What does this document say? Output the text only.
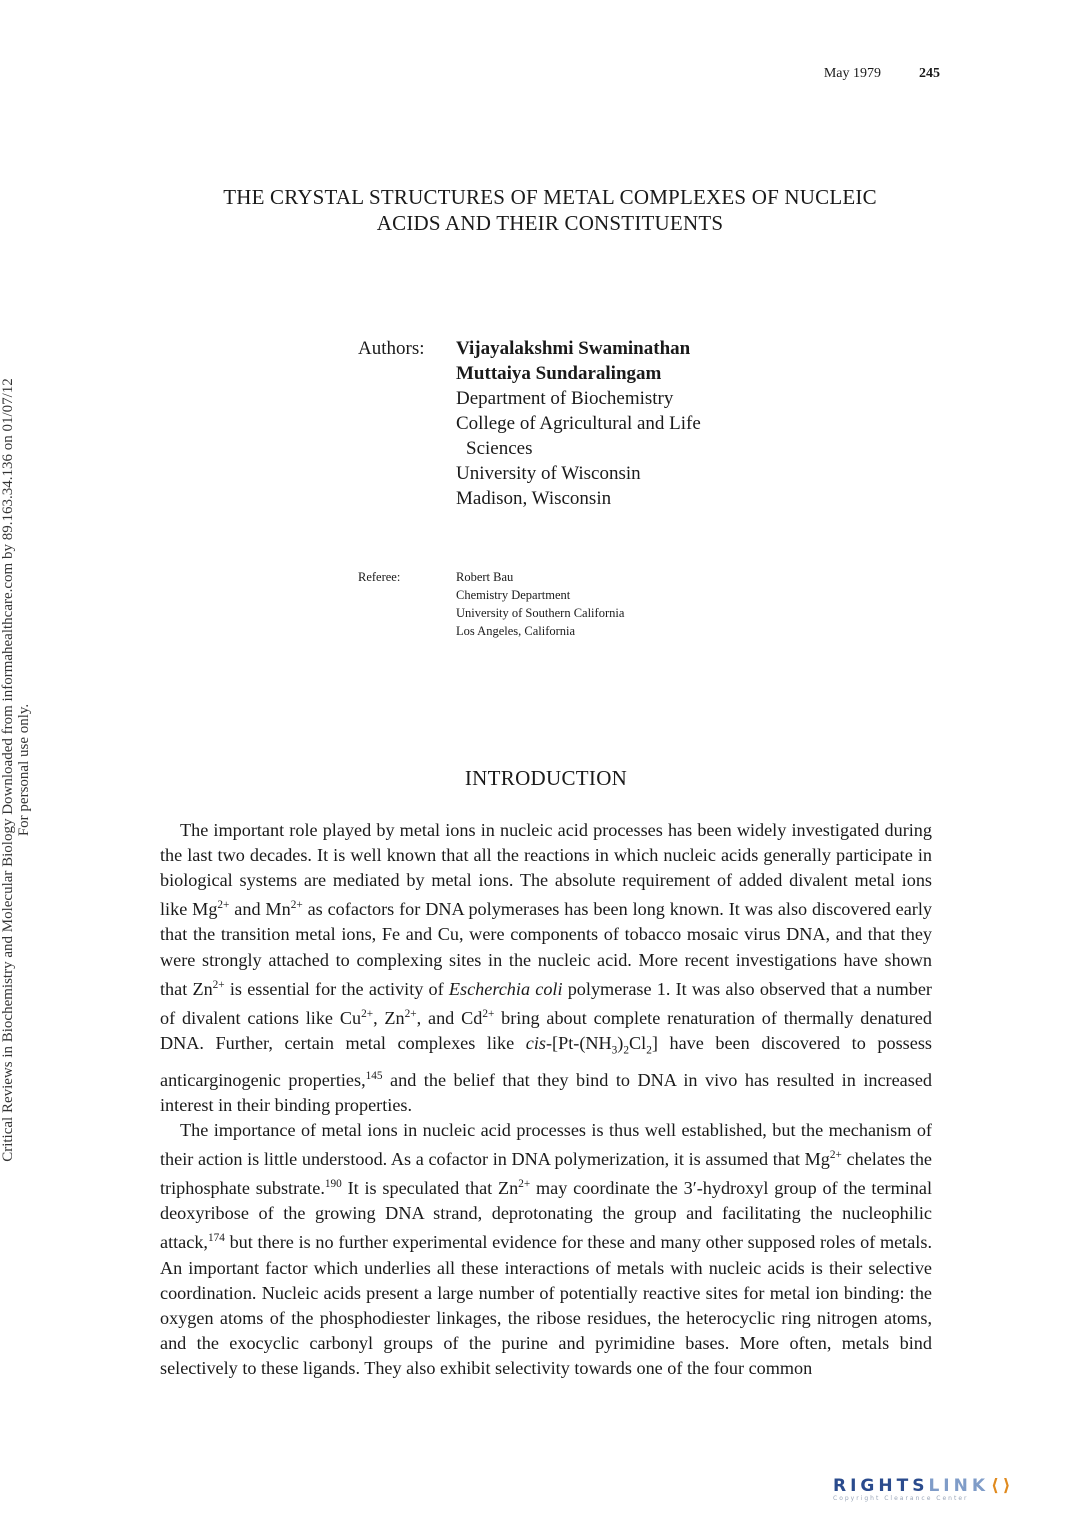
May 1979	245
Critical Reviews in Biochemistry and Molecular Biology Downloaded from informahealthcare.com by 89.163.34.136 on 01/07/12 For personal use only.
THE CRYSTAL STRUCTURES OF METAL COMPLEXES OF NUCLEIC
ACIDS AND THEIR CONSTITUENTS
Authors:	Vijayalakshmi Swaminathan
Muttaiya Sundaralingam
Department of Biochemistry
College of Agricultural and Life
Sciences
University of Wisconsin
Madison, Wisconsin
Referee:	Robert Bau
Chemistry Department
University of Southern California
Los Angeles, California
INTRODUCTION

The important role played by metal ions in nucleic acid processes has been widely investigated during the last two decades. It is well known that all the reactions in which nucleic acids generally participate in biological systems are mediated by metal ions. The absolute requirement of added divalent metal ions like $Mg^{2+}$ and $Mn^{2+}$ as cofactors for DNA polymerases has been long known. It was also discovered early that the transition metal ions, Fe and Cu, were components of tobacco mosaic virus DNA, and that they were strongly attached to complexing sites in the nucleic acid. More recent investigations have shown that $Zn^{2+}$ is essential for the activity of Escherchia coli polymerase 1. It was also observed that a number of divalent cations like $Cu^{2+}$, $Zn^{2+}$, and $Cd^{2+}$ bring about complete renaturation of thermally denatured DNA. Further, certain metal complexes like cis-$[Pt-(NH_3)_2Cl_2]$ have been discovered to possess anticarginogenic properties,$^{145}$ and the belief that they bind to DNA in vivo has resulted in increased interest in their binding properties.

The importance of metal ions in nucleic acid processes is thus well established, but the mechanism of their action is little understood. As a cofactor in DNA polymerization, it is assumed that $Mg^{2+}$ chelates the triphosphate substrate.$^{190}$ It is speculated that $Zn^{2+}$ may coordinate the 3′-hydroxyl group of the terminal deoxyribose of the growing DNA strand, deprotonating the group and facilitating the nucleophilic attack,$^{174}$ but there is no further experimental evidence for these and many other supposed roles of metals. An important factor which underlies all these interactions of metals with nucleic acids is their selective coordination. Nucleic acids present a large number of potentially reactive sites for metal ion binding: the oxygen atoms of the phosphodiester linkages, the ribose residues, the heterocyclic ring nitrogen atoms, and the exocyclic carbonyl groups of the purine and pyrimidine bases. More often, metals bind selectively to these ligands. They also exhibit selectivity towards one of the four common

RIGHTS LINK ⟨⟩
Copyright Clearance Center
